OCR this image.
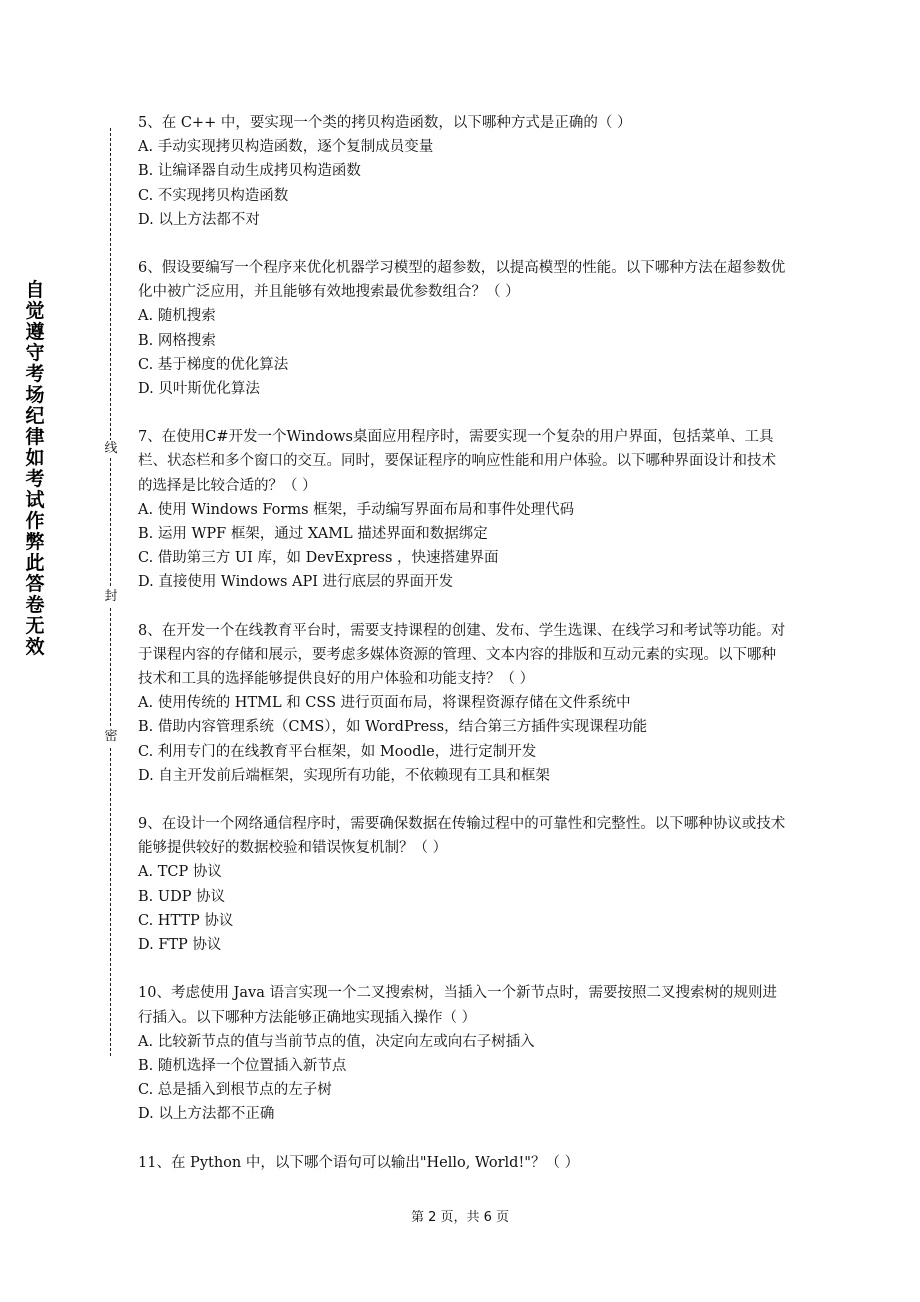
自觉遵守考场纪律如考试作弊此答卷无效
线
封
密

5、在 C++ 中，要实现一个类的拷贝构造函数，以下哪种方式是正确的（ ）

A. 手动实现拷贝构造函数，逐个复制成员变量

B. 让编译器自动生成拷贝构造函数

C. 不实现拷贝构造函数

D. 以上方法都不对

6、假设要编写一个程序来优化机器学习模型的超参数，以提高模型的性能。以下哪种方法在超参数优化中被广泛应用，并且能够有效地搜索最优参数组合？（ ）

A. 随机搜索

B. 网格搜索

C. 基于梯度的优化算法

D. 贝叶斯优化算法

7、在使用C#开发一个Windows桌面应用程序时，需要实现一个复杂的用户界面，包括菜单、工具栏、状态栏和多个窗口的交互。同时，要保证程序的响应性能和用户体验。以下哪种界面设计和技术的选择是比较合适的？（ ）

A. 使用 Windows Forms 框架，手动编写界面布局和事件处理代码

B. 运用 WPF 框架，通过 XAML 描述界面和数据绑定

C. 借助第三方 UI 库，如 DevExpress ，快速搭建界面

D. 直接使用 Windows API 进行底层的界面开发

8、在开发一个在线教育平台时，需要支持课程的创建、发布、学生选课、在线学习和考试等功能。对于课程内容的存储和展示，要考虑多媒体资源的管理、文本内容的排版和互动元素的实现。以下哪种技术和工具的选择能够提供良好的用户体验和功能支持？（ ）

A. 使用传统的 HTML 和 CSS 进行页面布局，将课程资源存储在文件系统中

B. 借助内容管理系统（CMS），如 WordPress，结合第三方插件实现课程功能

C. 利用专门的在线教育平台框架，如 Moodle，进行定制开发

D. 自主开发前后端框架，实现所有功能，不依赖现有工具和框架

9、在设计一个网络通信程序时，需要确保数据在传输过程中的可靠性和完整性。以下哪种协议或技术能够提供较好的数据校验和错误恢复机制？（ ）

A. TCP 协议

B. UDP 协议

C. HTTP 协议

D. FTP 协议

10、考虑使用 Java 语言实现一个二叉搜索树，当插入一个新节点时，需要按照二叉搜索树的规则进行插入。以下哪种方法能够正确地实现插入操作（ ）

A. 比较新节点的值与当前节点的值，决定向左或向右子树插入

B. 随机选择一个位置插入新节点

C. 总是插入到根节点的左子树

D. 以上方法都不正确

11、在 Python 中，以下哪个语句可以输出"Hello, World!"？（ ）

第 2 页，共 6 页
